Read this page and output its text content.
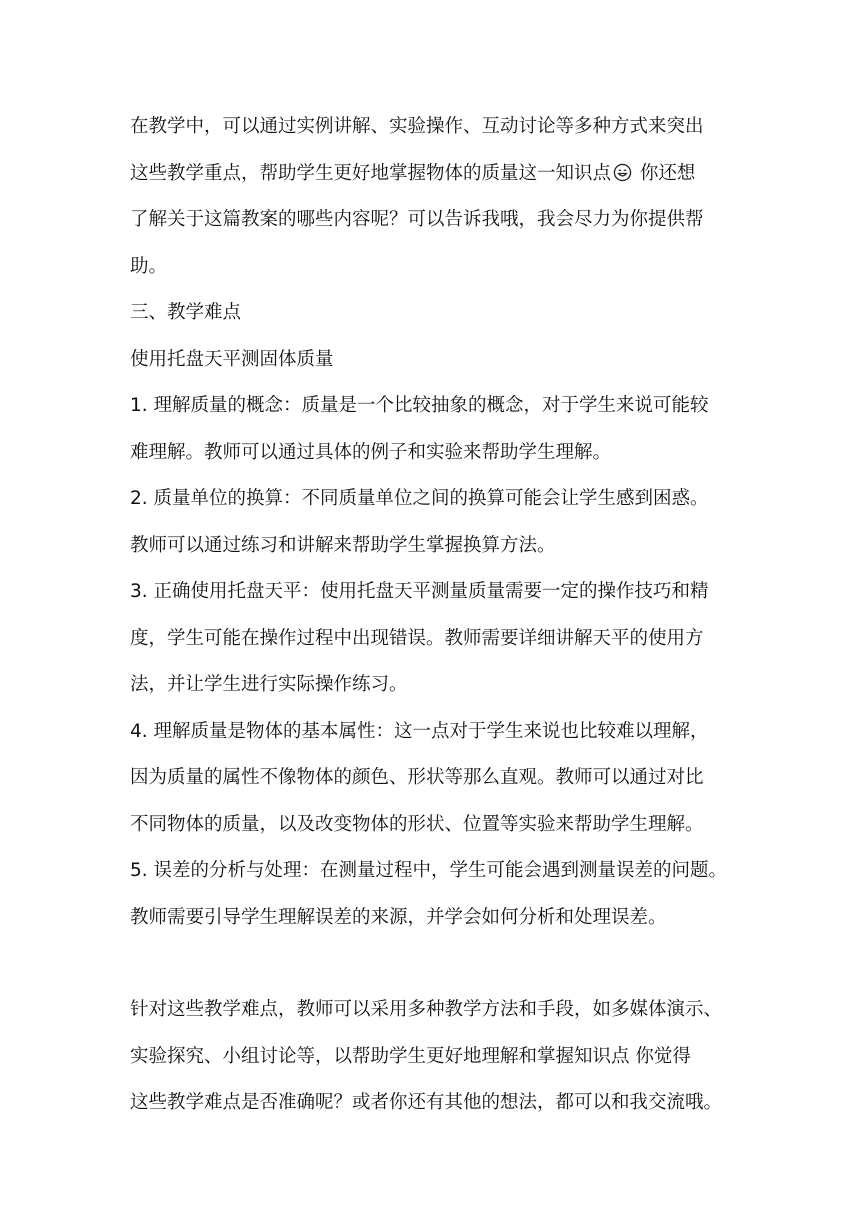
在教学中，可以通过实例讲解、实验操作、互动讨论等多种方式来突出
这些教学重点，帮助学生更好地掌握物体的质量这一知识点 你还想
了解关于这篇教案的哪些内容呢？可以告诉我哦，我会尽力为你提供帮
助。

三、教学难点

使用托盘天平测固体质量

1. 理解质量的概念：质量是一个比较抽象的概念，对于学生来说可能较
难理解。教师可以通过具体的例子和实验来帮助学生理解。
2. 质量单位的换算：不同质量单位之间的换算可能会让学生感到困惑。
教师可以通过练习和讲解来帮助学生掌握换算方法。
3. 正确使用托盘天平：使用托盘天平测量质量需要一定的操作技巧和精
度，学生可能在操作过程中出现错误。教师需要详细讲解天平的使用方
法，并让学生进行实际操作练习。
4. 理解质量是物体的基本属性：这一点对于学生来说也比较难以理解，
因为质量的属性不像物体的颜色、形状等那么直观。教师可以通过对比
不同物体的质量，以及改变物体的形状、位置等实验来帮助学生理解。
5. 误差的分析与处理：在测量过程中，学生可能会遇到测量误差的问题。
教师需要引导学生理解误差的来源，并学会如何分析和处理误差。
针对这些教学难点，教师可以采用多种教学方法和手段，如多媒体演示、
实验探究、小组讨论等，以帮助学生更好地理解和掌握知识点 你觉得
这些教学难点是否准确呢？或者你还有其他的想法，都可以和我交流哦。
